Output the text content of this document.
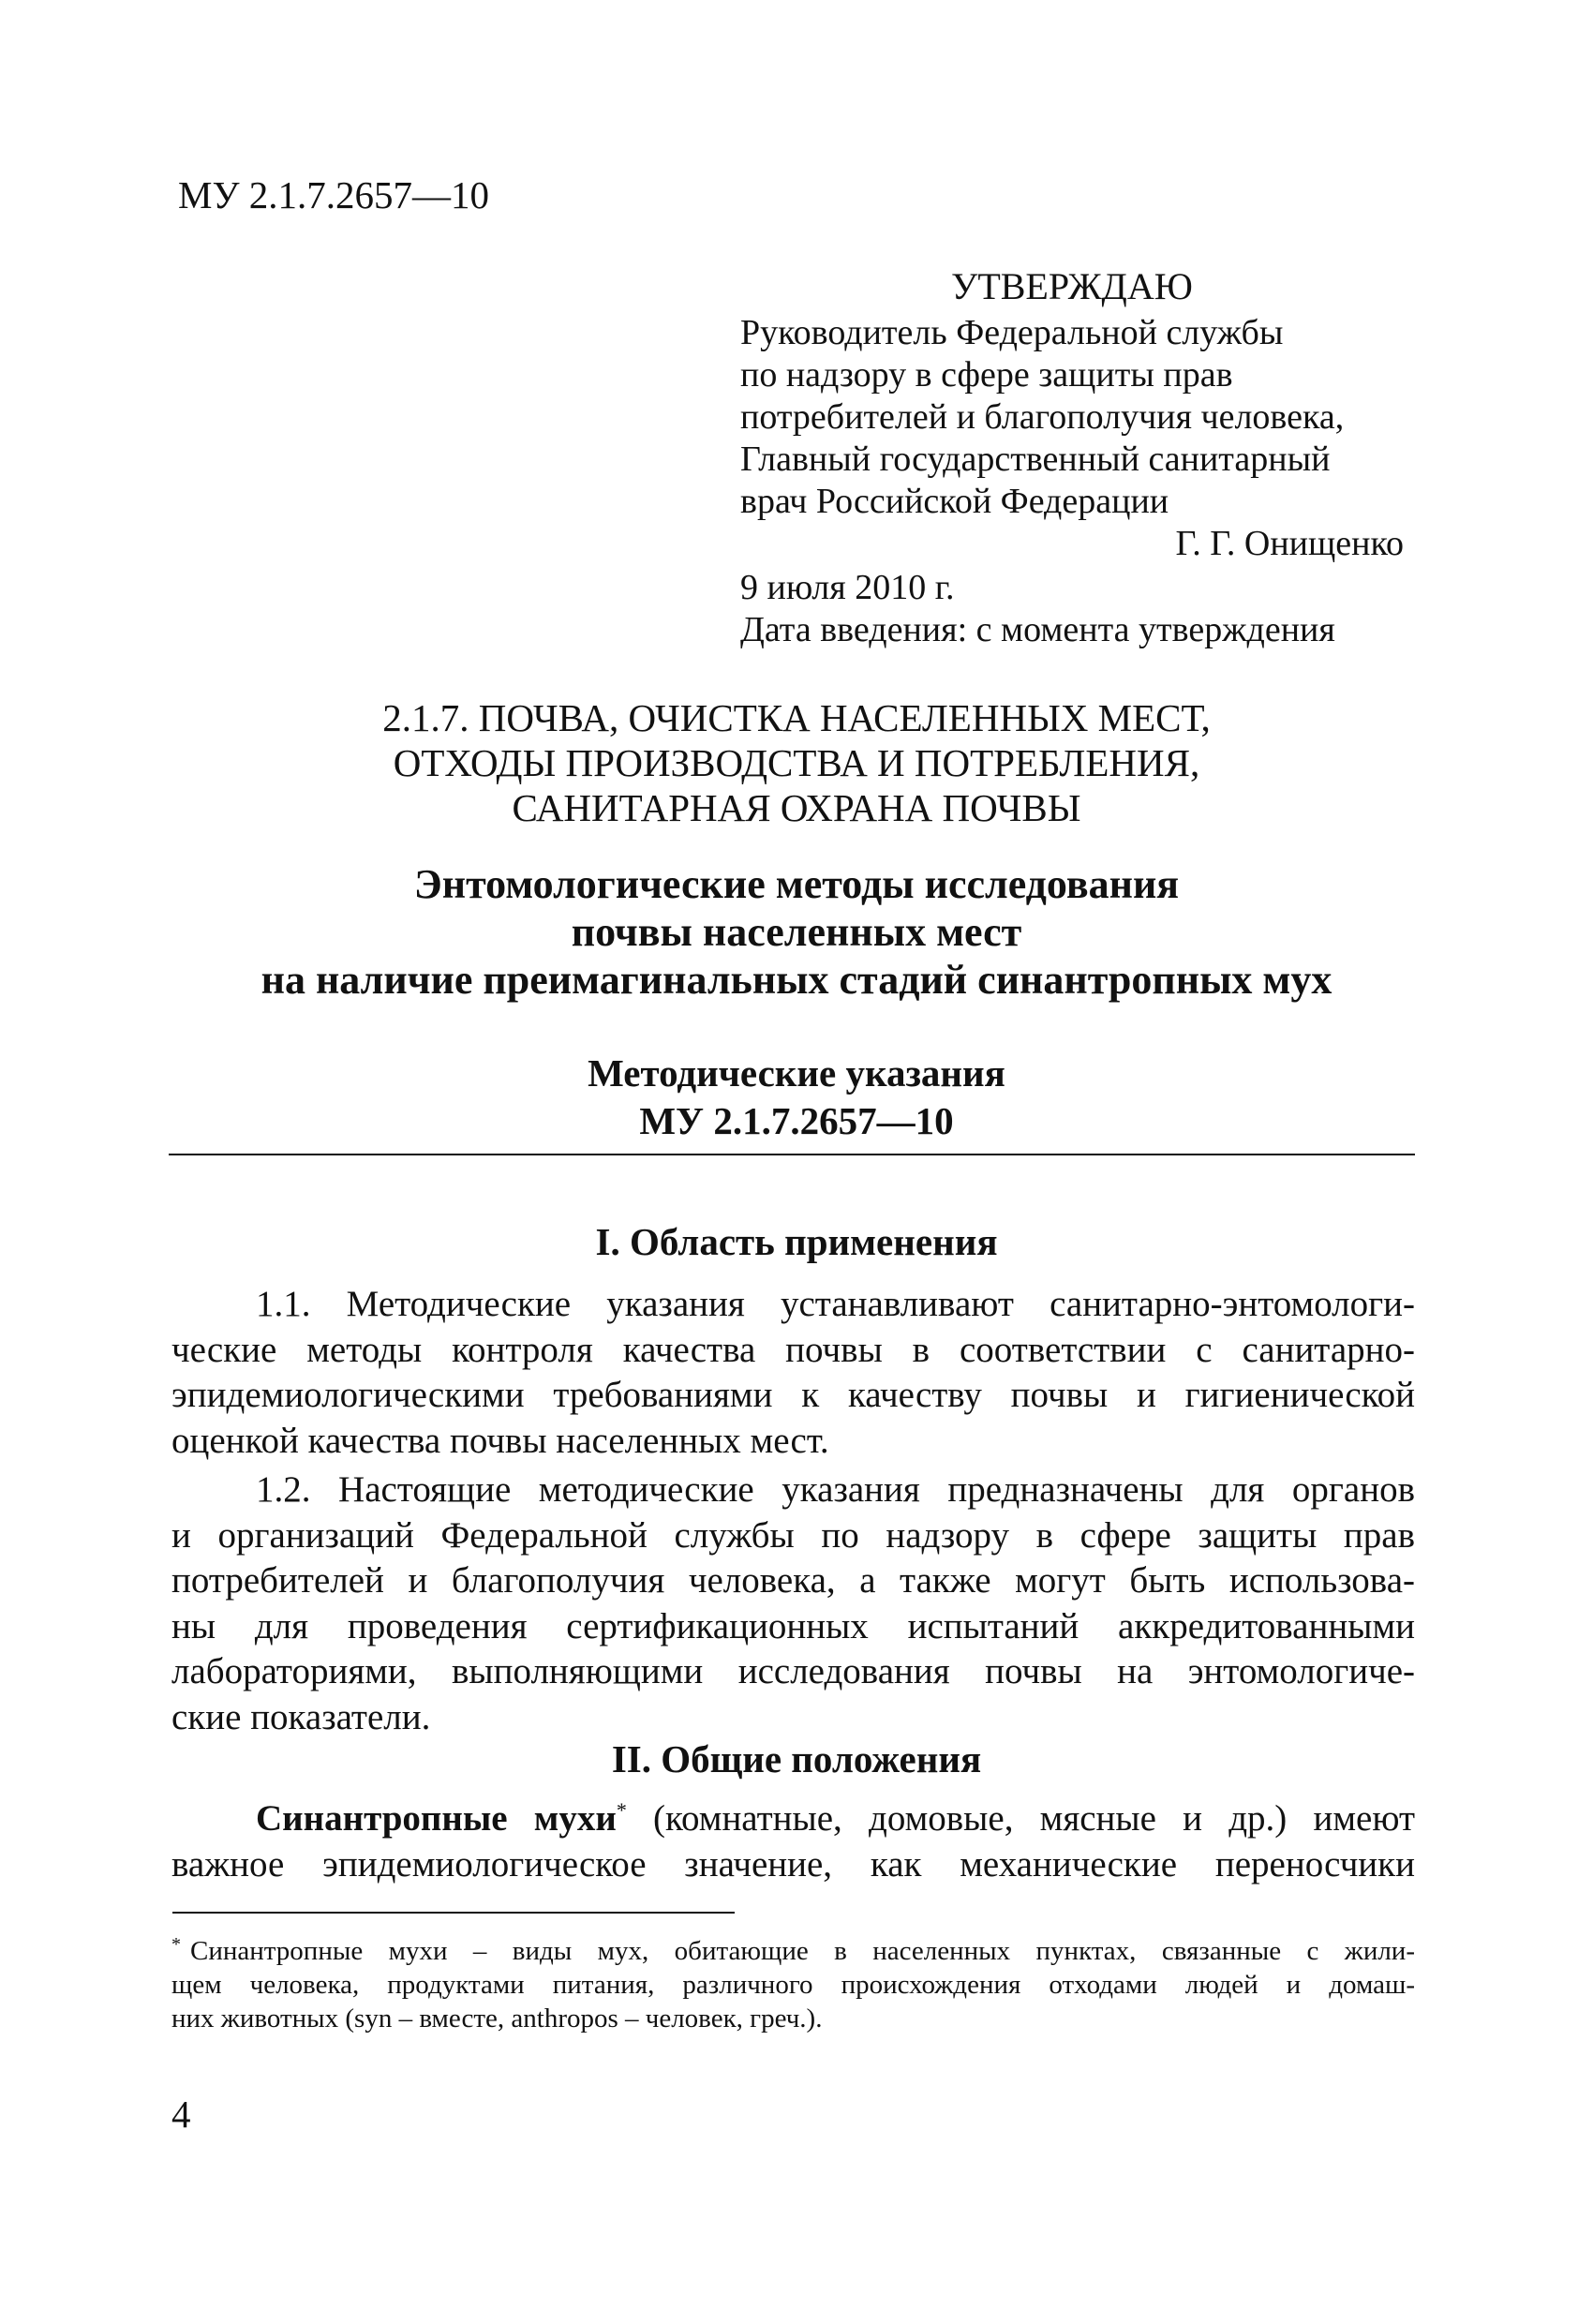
МУ 2.1.7.2657—10
УТВЕРЖДАЮ
Руководитель Федеральной службы
по надзору в сфере защиты прав
потребителей и благополучия человека,
Главный государственный санитарный
врач Российской Федерации
Г. Г. Онищенко
9 июля 2010 г.
Дата введения: с момента утверждения
2.1.7. ПОЧВА, ОЧИСТКА НАСЕЛЕННЫХ МЕСТ,
ОТХОДЫ ПРОИЗВОДСТВА И ПОТРЕБЛЕНИЯ,
САНИТАРНАЯ ОХРАНА ПОЧВЫ
Энтомологические методы исследования
почвы населенных мест
на наличие преимагинальных стадий синантропных мух
Методические указания
МУ 2.1.7.2657—10
I. Область применения
1.1. Методические указания устанавливают санитарно-энтомологи-
ческие методы контроля качества почвы в соответствии с санитарно-
эпидемиологическими требованиями к качеству почвы и гигиенической
оценкой качества почвы населенных мест.
1.2. Настоящие методические указания предназначены для органов
и организаций Федеральной службы по надзору в сфере защиты прав
потребителей и благополучия человека, а также могут быть использова-
ны для проведения сертификационных испытаний аккредитованными
лабораториями, выполняющими исследования почвы на энтомологиче-
ские показатели.
II. Общие положения
Синантропные мухи* (комнатные, домовые, мясные и др.) имеют
важное эпидемиологическое значение, как механические переносчики
* Синантропные мухи – виды мух, обитающие в населенных пунктах, связанные с жили-
щем человека, продуктами питания, различного происхождения отходами людей и домаш-
них животных (syn – вместе, anthropos – человек, греч.).
4
